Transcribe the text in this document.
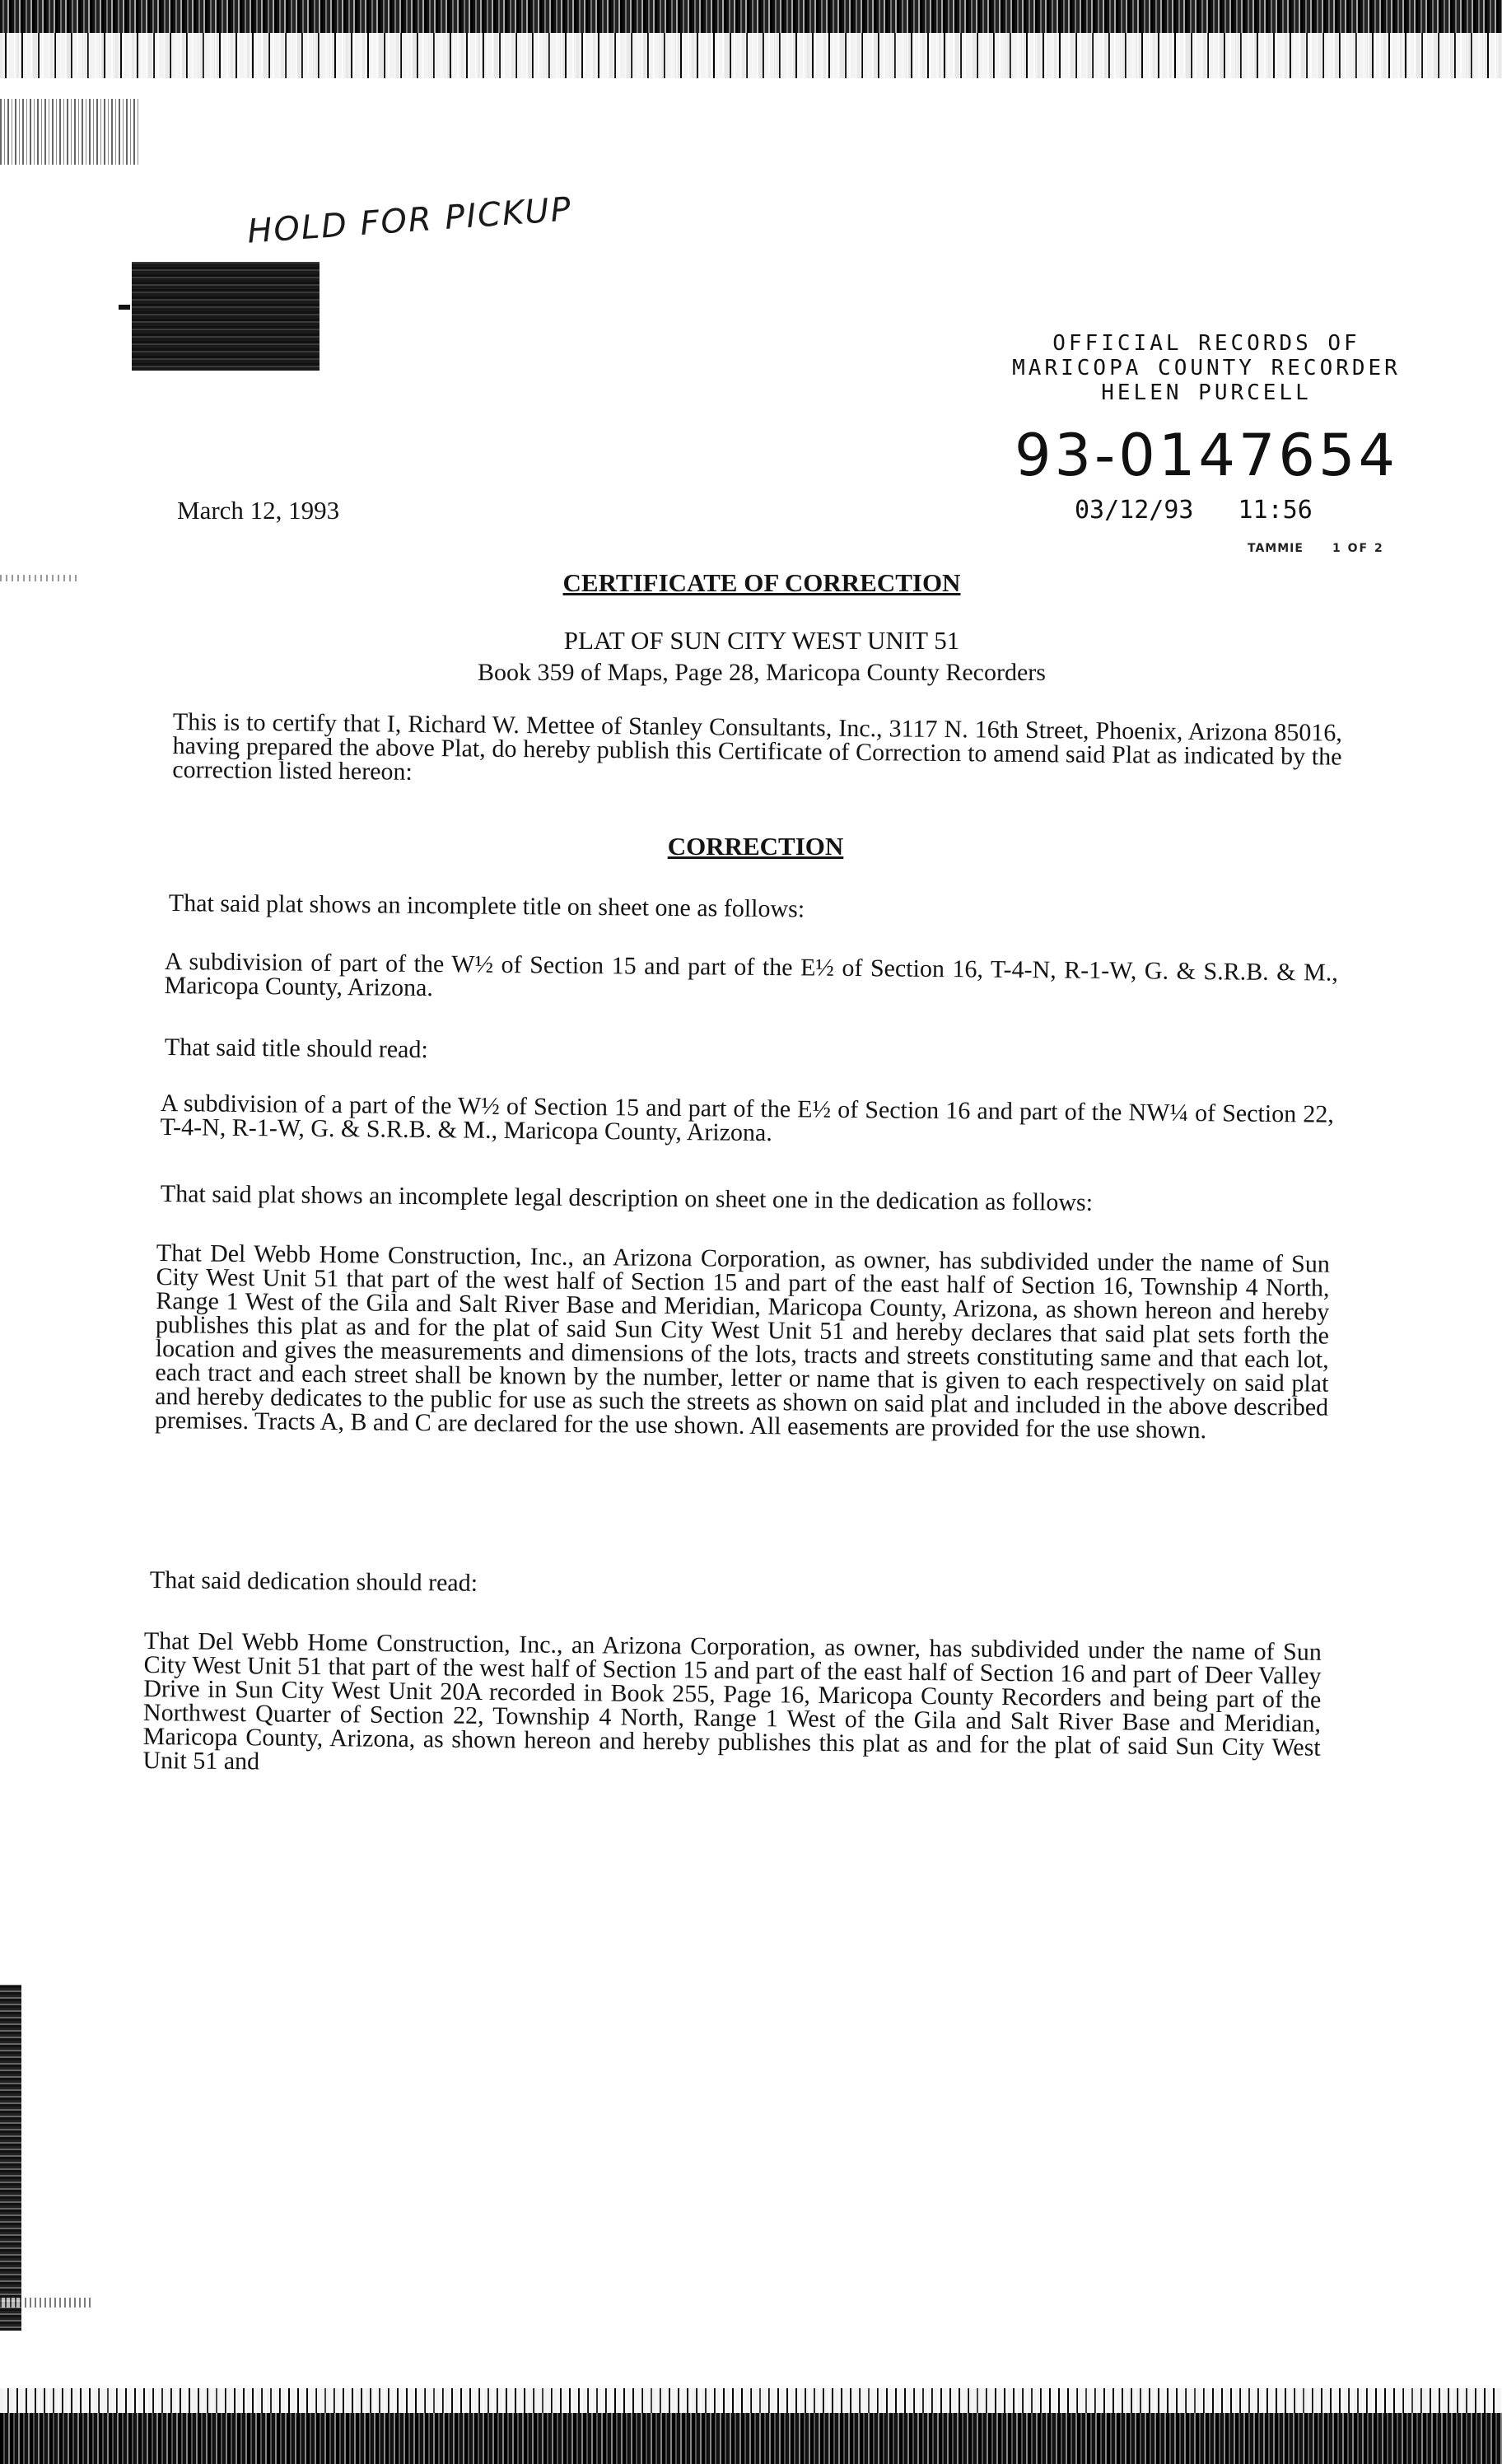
HOLD FOR PICKUP
OFFICIAL RECORDS OF
MARICOPA COUNTY RECORDER
HELEN PURCELL
93-0147654
03/12/93 11:56
TAMMIE	1 OF 2
March 12, 1993
CERTIFICATE OF CORRECTION
PLAT OF SUN CITY WEST UNIT 51
Book 359 of Maps, Page 28, Maricopa County Recorders
This is to certify that I, Richard W. Mettee of Stanley Consultants, Inc., 3117 N. 16th Street, Phoenix, Arizona 85016, having prepared the above Plat, do hereby publish this Certificate of Correction to amend said Plat as indicated by the correction listed hereon:
CORRECTION
That said plat shows an incomplete title on sheet one as follows:
A subdivision of part of the W½ of Section 15 and part of the E½ of Section 16, T-4-N, R-1-W, G. & S.R.B. & M., Maricopa County, Arizona.
That said title should read:
A subdivision of a part of the W½ of Section 15 and part of the E½ of Section 16 and part of the NW¼ of Section 22, T-4-N, R-1-W, G. & S.R.B. & M., Maricopa County, Arizona.
That said plat shows an incomplete legal description on sheet one in the dedication as follows:
That Del Webb Home Construction, Inc., an Arizona Corporation, as owner, has subdivided under the name of Sun City West Unit 51 that part of the west half of Section 15 and part of the east half of Section 16, Township 4 North, Range 1 West of the Gila and Salt River Base and Meridian, Maricopa County, Arizona, as shown hereon and hereby publishes this plat as and for the plat of said Sun City West Unit 51 and hereby declares that said plat sets forth the location and gives the measurements and dimensions of the lots, tracts and streets constituting same and that each lot, each tract and each street shall be known by the number, letter or name that is given to each respectively on said plat and hereby dedicates to the public for use as such the streets as shown on said plat and included in the above described premises. Tracts A, B and C are declared for the use shown. All easements are provided for the use shown.
That said dedication should read:
That Del Webb Home Construction, Inc., an Arizona Corporation, as owner, has subdivided under the name of Sun City West Unit 51 that part of the west half of Section 15 and part of the east half of Section 16 and part of Deer Valley Drive in Sun City West Unit 20A recorded in Book 255, Page 16, Maricopa County Recorders and being part of the Northwest Quarter of Section 22, Township 4 North, Range 1 West of the Gila and Salt River Base and Meridian, Maricopa County, Arizona, as shown hereon and hereby publishes this plat as and for the plat of said Sun City West Unit 51 and
